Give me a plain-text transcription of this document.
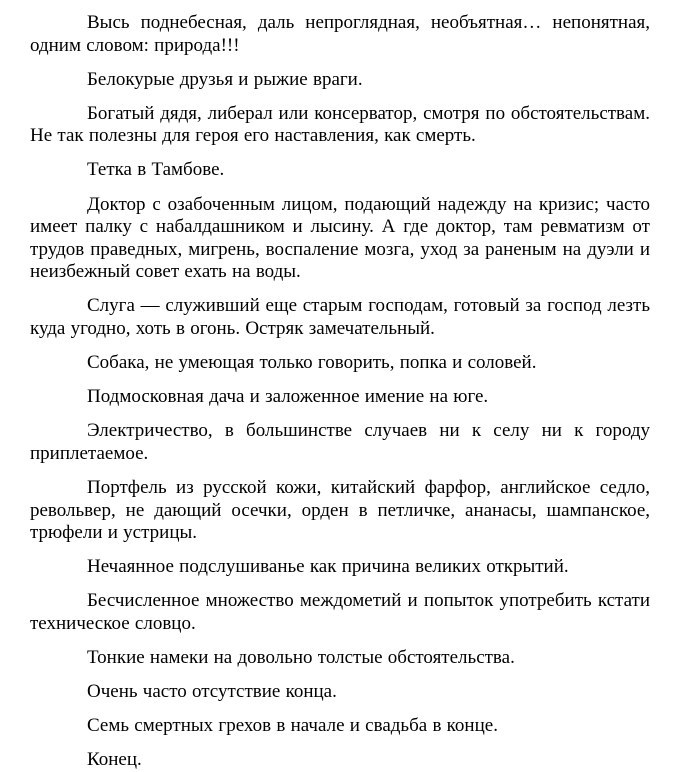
Высь поднебесная, даль непроглядная, необъятная… непонятная, одним словом: природа!!!

Белокурые друзья и рыжие враги.

Богатый дядя, либерал или консерватор, смотря по обстоятельствам. Не так полезны для героя его наставления, как смерть.

Тетка в Тамбове.

Доктор с озабоченным лицом, подающий надежду на кризис; часто имеет палку с набалдашником и лысину. А где доктор, там ревматизм от трудов праведных, мигрень, воспаление мозга, уход за раненым на дуэли и неизбежный совет ехать на воды.

Слуга — служивший еще старым господам, готовый за господ лезть куда угодно, хоть в огонь. Остряк замечательный.

Собака, не умеющая только говорить, попка и соловей.

Подмосковная дача и заложенное имение на юге.

Электричество, в большинстве случаев ни к селу ни к городу приплетаемое.

Портфель из русской кожи, китайский фарфор, английское седло, револьвер, не дающий осечки, орден в петличке, ананасы, шампанское, трюфели и устрицы.

Нечаянное подслушиванье как причина великих открытий.

Бесчисленное множество междометий и попыток употребить кстати техническое словцо.

Тонкие намеки на довольно толстые обстоятельства.

Очень часто отсутствие конца.

Семь смертных грехов в начале и свадьба в конце.

Конец.
